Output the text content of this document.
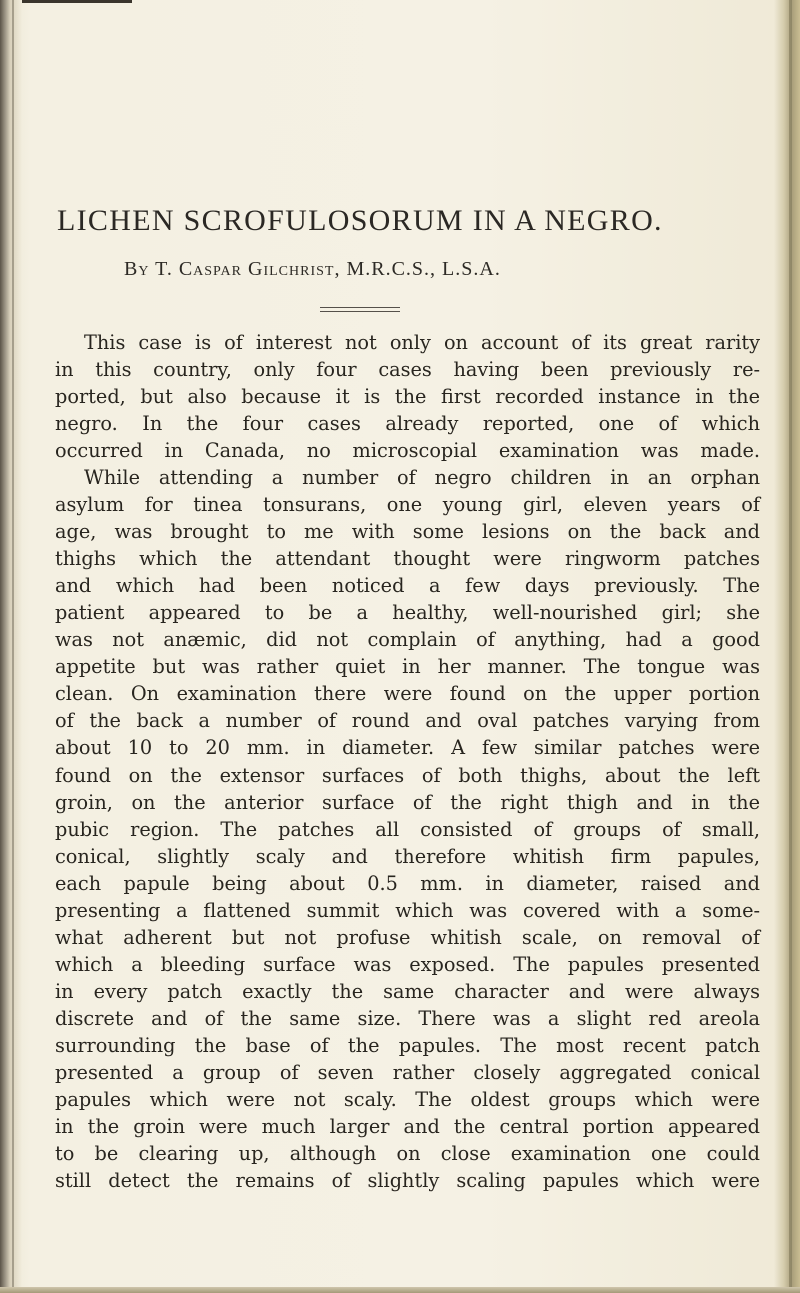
LICHEN SCROFULOSORUM IN A NEGRO.
By T. Caspar Gilchrist, M.R.C.S., L.S.A.
This case is of interest not only on account of its great rarity
in this country, only four cases having been previously re-
ported, but also because it is the first recorded instance in the
negro. In the four cases already reported, one of which
occurred in Canada, no microscopial examination was made.
While attending a number of negro children in an orphan
asylum for tinea tonsurans, one young girl, eleven years of
age, was brought to me with some lesions on the back and
thighs which the attendant thought were ringworm patches
and which had been noticed a few days previously. The
patient appeared to be a healthy, well-nourished girl; she
was not anæmic, did not complain of anything, had a good
appetite but was rather quiet in her manner. The tongue was
clean. On examination there were found on the upper portion
of the back a number of round and oval patches varying from
about 10 to 20 mm. in diameter. A few similar patches were
found on the extensor surfaces of both thighs, about the left
groin, on the anterior surface of the right thigh and in the
pubic region. The patches all consisted of groups of small,
conical, slightly scaly and therefore whitish firm papules,
each papule being about 0.5 mm. in diameter, raised and
presenting a flattened summit which was covered with a some-
what adherent but not profuse whitish scale, on removal of
which a bleeding surface was exposed. The papules presented
in every patch exactly the same character and were always
discrete and of the same size. There was a slight red areola
surrounding the base of the papules. The most recent patch
presented a group of seven rather closely aggregated conical
papules which were not scaly. The oldest groups which were
in the groin were much larger and the central portion appeared
to be clearing up, although on close examination one could
still detect the remains of slightly scaling papules which were
